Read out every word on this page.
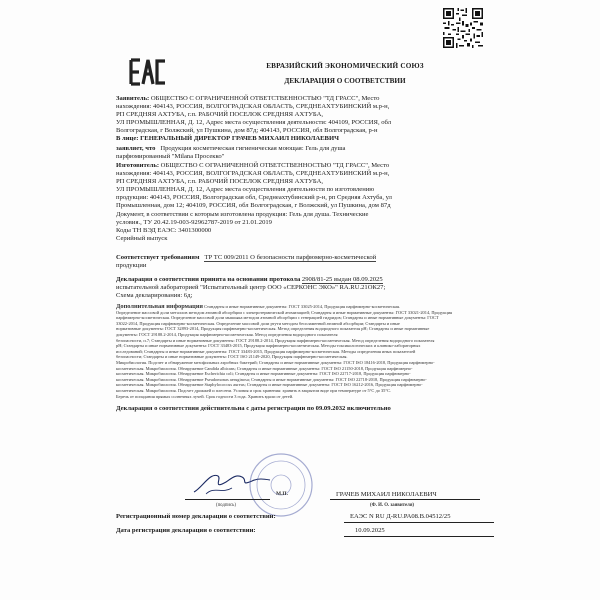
ЕВРАЗИЙСКИЙ ЭКОНОМИЧЕСКИЙ СОЮЗ
ДЕКЛАРАЦИЯ О СООТВЕТСТВИИ
Заявитель: ОБЩЕСТВО С ОГРАНИЧЕННОЙ ОТВЕТСТВЕННОСТЬЮ "ТД ГРАСС", Место
нахождения: 404143, РОССИЯ, ВОЛГОГРАДСКАЯ ОБЛАСТЬ, СРЕДНЕАХТУБИНСКИЙ м.р-н,
РП СРЕДНЯЯ АХТУБА, г.п. РАБОЧИЙ ПОСЕЛОК СРЕДНЯЯ АХТУБА,
УЛ ПРОМЫШЛЕННАЯ, Д. 12, Адрес места осуществления деятельности: 404109, РОССИЯ, обл
Волгоградская, г Волжский, ул Пушкина, дом 87д; 404143, РОССИЯ, обл Волгоградская, р-н
В лице: ГЕНЕРАЛЬНЫЙ ДИРЕКТОР ГРАЧЕВ МИХАИЛ НИКОЛАЕВИЧ
заявляет, что Продукция косметическая гигиеническая моющая: Гель для душа
парфюмированный "Milana Просекко"
Изготовитель: ОБЩЕСТВО С ОГРАНИЧЕННОЙ ОТВЕТСТВЕННОСТЬЮ "ТД ГРАСС", Место
нахождения: 404143, РОССИЯ, ВОЛГОГРАДСКАЯ ОБЛАСТЬ, СРЕДНЕАХТУБИНСКИЙ м.р-н,
РП СРЕДНЯЯ АХТУБА, г.п. РАБОЧИЙ ПОСЕЛОК СРЕДНЯЯ АХТУБА,
УЛ ПРОМЫШЛЕННАЯ, Д. 12, Адрес места осуществления деятельности по изготовлению
продукции: 404143, РОССИЯ, Волгоградская обл, Среднеахтубинский р-н, рп Средняя Ахтуба, ул
Промышленная, дом 12; 404109, РОССИЯ, обл Волгоградская, г Волжский, ул Пушкина, дом 87д
Документ, в соответствии с которым изготовлена продукция: Гель для душа. Технические
условия., ТУ 20.42.19-003-92962787-2019 от 21.01.2019
Коды ТН ВЭД ЕАЭС: 3401300000
Серийный выпуск
Соответствует требованиям ТР ТС 009/2011 О безопасности парфюмерно-косметической
продукции
Декларация о соответствии принята на основании протокола 2908/81-25 выдан 08.09.2025
испытательной лабораторией "Испытательный центр ООО «СЕРКОНС ЭКО»" RA.RU.21ОК27;
Схема декларирования: 6д;
Дополнительная информация Стандарты и иные нормативные документы: ГОСТ 33025-2014, Продукция парфюмерно-косметическая.
Определение массовой доли металлов методом атомной абсорбции с электротермической атомизацией; Стандарты и иные нормативные документы: ГОСТ 33021-2014, Продукция
парфюмерно-косметическая. Определение массовой доли мышьяка методом атомной абсорбции с генерацией гидридов; Стандарты и иные нормативные документы: ГОСТ
33022-2014, Продукция парфюмерно-косметическая. Определение массовой доли ртути методом беспламенной атомной абсорбции; Стандарты и иные
нормативные документы: ГОСТ 32893-2014, Продукция парфюмерно-косметическая. Метод определения водородного показателя pH; Стандарты и иные нормативные
документы: ГОСТ 29188.2-2014, Продукция парфюмерно-косметическая. Метод определения водородного показателя
безопасности, п.7; Стандарты и иные нормативные документы: ГОСТ 29188.2-2014, Продукция парфюмерно-косметическая. Метод определения водородного показателя
pH; Стандарты и иные нормативные документы: ГОСТ 33483-2015, Продукция парфюмерно-косметическая. Методы токсикологических и клинико-лабораторных
исследований; Стандарты и иные нормативные документы: ГОСТ 33483-2015, Продукция парфюмерно-косметическая. Методы определения иных показателей
безопасности; Стандарты и иные нормативные документы: ГОСТ ISO 21149-2020, Продукция парфюмерно-косметическая.
Микробиология. Подсчет и обнаружение мезофильных аэробных бактерий; Стандарты и иные нормативные документы: ГОСТ ISO 18416-2018, Продукция парфюмерно-
косметическая. Микробиология. Обнаружение Candida albicans; Стандарты и иные нормативные документы: ГОСТ ISO 21150-2018, Продукция парфюмерно-
косметическая. Микробиология. Обнаружение Escherichia coli; Стандарты и иные нормативные документы: ГОСТ ISO 22717-2018, Продукция парфюмерно-
косметическая. Микробиология. Обнаружение Pseudomonas aeruginosa; Стандарты и иные нормативные документы: ГОСТ ISO 22718-2018, Продукция парфюмерно-
косметическая. Микробиология. Обнаружение Staphylococcus aureus; Стандарты и иные нормативные документы: ГОСТ ISO 16212-2016, Продукция парфюмерно-
косметическая. Микробиология. Подсчет дрожжей и плесени. Условия и срок хранения: хранить в закрытом виде при температуре от 5°С до 35°С.
Беречь от попадания прямых солнечных лучей. Срок годности 3 года. Хранить вдали от детей.
Декларация о соответствии действительна с даты регистрации по 09.09.2032 включительно
М.П.	ГРАЧЕВ МИХАИЛ НИКОЛАЕВИЧ
(подпись)	(Ф. И. О. заявителя)
Регистрационный номер декларации о соответствии:	ЕАЭС N RU Д-RU.РА08.В.04512/25
Дата регистрации декларации о соответствии:	10.09.2025
